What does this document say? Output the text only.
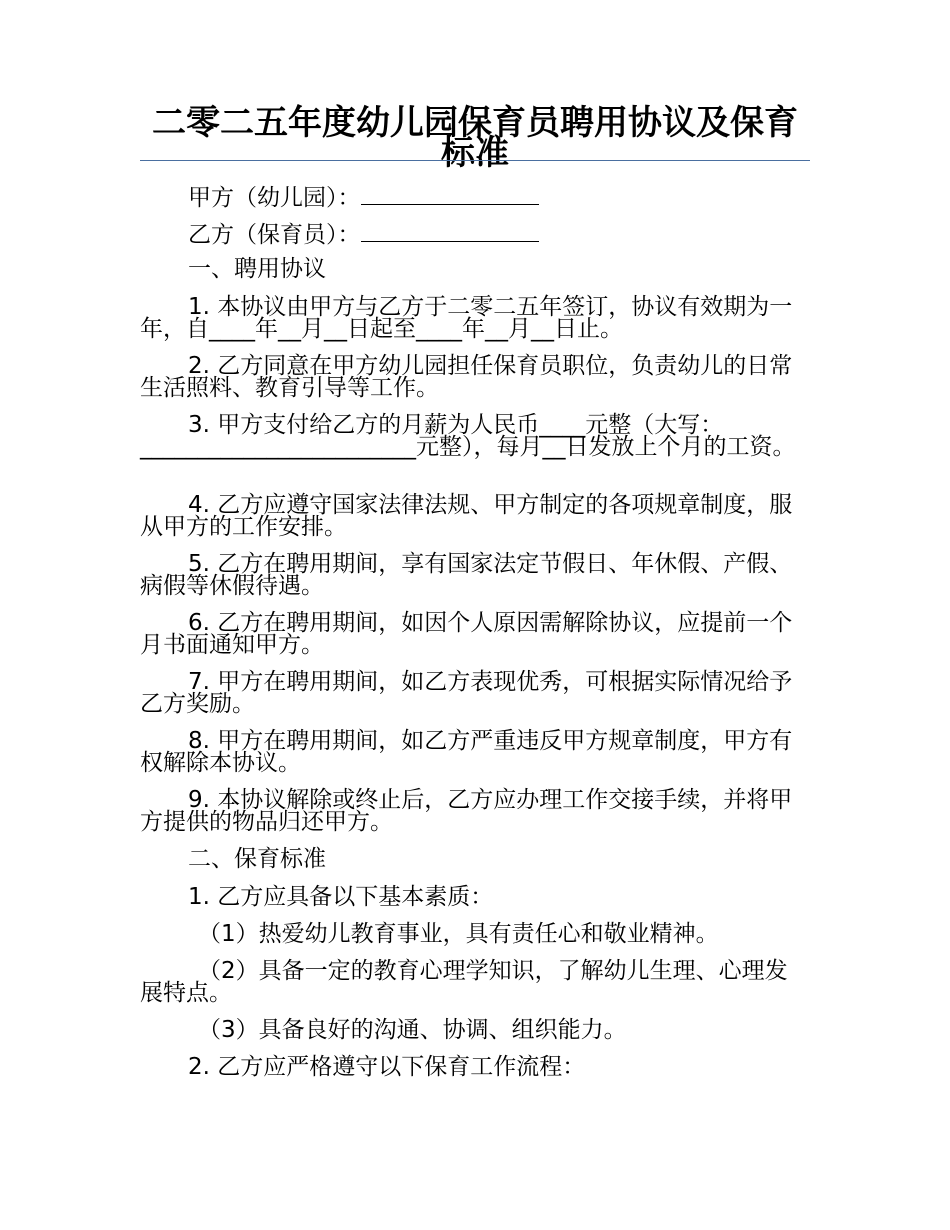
二零二五年度幼儿园保育员聘用协议及保育标准
甲方（幼儿园）：
乙方（保育员）：
一、聘用协议
1. 本协议由甲方与乙方于二零二五年签订，协议有效期为一年，自____年__月__日起至____年__月__日止。
2. 乙方同意在甲方幼儿园担任保育员职位，负责幼儿的日常生活照料、教育引导等工作。
3. 甲方支付给乙方的月薪为人民币____元整（大写：________________________元整），每月__日发放上个月的工资。
4. 乙方应遵守国家法律法规、甲方制定的各项规章制度，服从甲方的工作安排。
5. 乙方在聘用期间，享有国家法定节假日、年休假、产假、病假等休假待遇。
6. 乙方在聘用期间，如因个人原因需解除协议，应提前一个月书面通知甲方。
7. 甲方在聘用期间，如乙方表现优秀，可根据实际情况给予乙方奖励。
8. 甲方在聘用期间，如乙方严重违反甲方规章制度，甲方有权解除本协议。
9. 本协议解除或终止后，乙方应办理工作交接手续，并将甲方提供的物品归还甲方。
二、保育标准
1. 乙方应具备以下基本素质：
（1）热爱幼儿教育事业，具有责任心和敬业精神。
（2）具备一定的教育心理学知识，了解幼儿生理、心理发展特点。
（3）具备良好的沟通、协调、组织能力。
2. 乙方应严格遵守以下保育工作流程：
